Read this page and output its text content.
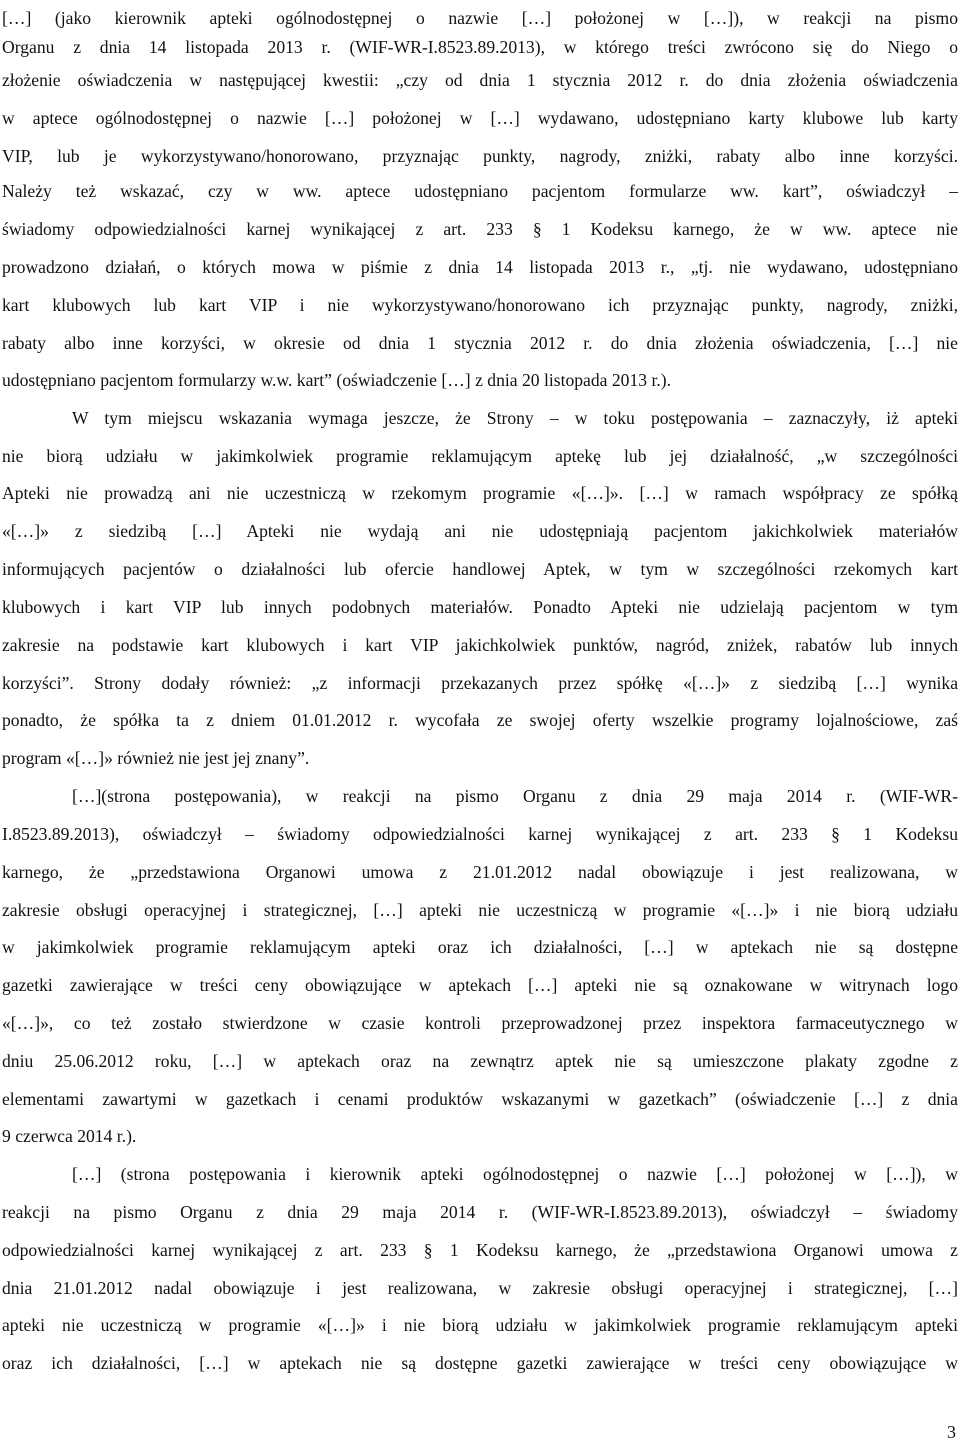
[…] (jako kierownik apteki ogólnodostępnej o nazwie […] położonej w […]), w reakcji na pismo
Organu z dnia 14 listopada 2013 r. (WIF-WR-I.8523.89.2013), w którego treści zwrócono się do Niego o
złożenie oświadczenia w następującej kwestii: „czy od dnia 1 stycznia 2012 r. do dnia złożenia oświadczenia
w aptece ogólnodostępnej o nazwie […] położonej w […] wydawano, udostępniano karty klubowe lub karty
VIP, lub je wykorzystywano/honorowano, przyznając punkty, nagrody, zniżki, rabaty albo inne korzyści.
Należy też wskazać, czy w ww. aptece udostępniano pacjentom formularze ww. kart”, oświadczył –
świadomy odpowiedzialności karnej wynikającej z art. 233 § 1 Kodeksu karnego, że w ww. aptece nie
prowadzono działań, o których mowa w piśmie z dnia 14 listopada 2013 r., „tj. nie wydawano, udostępniano
kart klubowych lub kart VIP i nie wykorzystywano/honorowano ich przyznając punkty, nagrody, zniżki,
rabaty albo inne korzyści, w okresie od dnia 1 stycznia 2012 r. do dnia złożenia oświadczenia, […] nie
udostępniano pacjentom formularzy w.w. kart” (oświadczenie […] z dnia 20 listopada 2013 r.).
W tym miejscu wskazania wymaga jeszcze, że Strony – w toku postępowania – zaznaczyły, iż apteki
nie biorą udziału w jakimkolwiek programie reklamującym aptekę lub jej działalność, „w szczególności
Apteki nie prowadzą ani nie uczestniczą w rzekomym programie «[…]». […] w ramach współpracy ze spółką
«[…]» z siedzibą […] Apteki nie wydają ani nie udostępniają pacjentom jakichkolwiek materiałów
informujących pacjentów o działalności lub ofercie handlowej Aptek, w tym w szczególności rzekomych kart
klubowych i kart VIP lub innych podobnych materiałów. Ponadto Apteki nie udzielają pacjentom w tym
zakresie na podstawie kart klubowych i kart VIP jakichkolwiek punktów, nagród, zniżek, rabatów lub innych
korzyści”. Strony dodały również: „z informacji przekazanych przez spółkę «[…]» z siedzibą […] wynika
ponadto, że spółka ta z dniem 01.01.2012 r. wycofała ze swojej oferty wszelkie programy lojalnościowe, zaś
program «[…]» również nie jest jej znany”.
[…](strona postępowania), w reakcji na pismo Organu z dnia 29 maja 2014 r. (WIF-WR-
I.8523.89.2013), oświadczył – świadomy odpowiedzialności karnej wynikającej z art. 233 § 1 Kodeksu
karnego, że „przedstawiona Organowi umowa z 21.01.2012 nadal obowiązuje i jest realizowana, w
zakresie obsługi operacyjnej i strategicznej, […] apteki nie uczestniczą w programie «[…]» i nie biorą udziału
w jakimkolwiek programie reklamującym apteki oraz ich działalności, […] w aptekach nie są dostępne
gazetki zawierające w treści ceny obowiązujące w aptekach […] apteki nie są oznakowane w witrynach logo
«[…]», co też zostało stwierdzone w czasie kontroli przeprowadzonej przez inspektora farmaceutycznego w
dniu 25.06.2012 roku, […] w aptekach oraz na zewnątrz aptek nie są umieszczone plakaty zgodne z
elementami zawartymi w gazetkach i cenami produktów wskazanymi w gazetkach” (oświadczenie […] z dnia
9 czerwca 2014 r.).
[…] (strona postępowania i kierownik apteki ogólnodostępnej o nazwie […] położonej w […]), w
reakcji na pismo Organu z dnia 29 maja 2014 r. (WIF-WR-I.8523.89.2013), oświadczył – świadomy
odpowiedzialności karnej wynikającej z art. 233 § 1 Kodeksu karnego, że „przedstawiona Organowi umowa z
dnia 21.01.2012 nadal obowiązuje i jest realizowana, w zakresie obsługi operacyjnej i strategicznej, […]
apteki nie uczestniczą w programie «[…]» i nie biorą udziału w jakimkolwiek programie reklamującym apteki
oraz ich działalności, […] w aptekach nie są dostępne gazetki zawierające w treści ceny obowiązujące w
3
